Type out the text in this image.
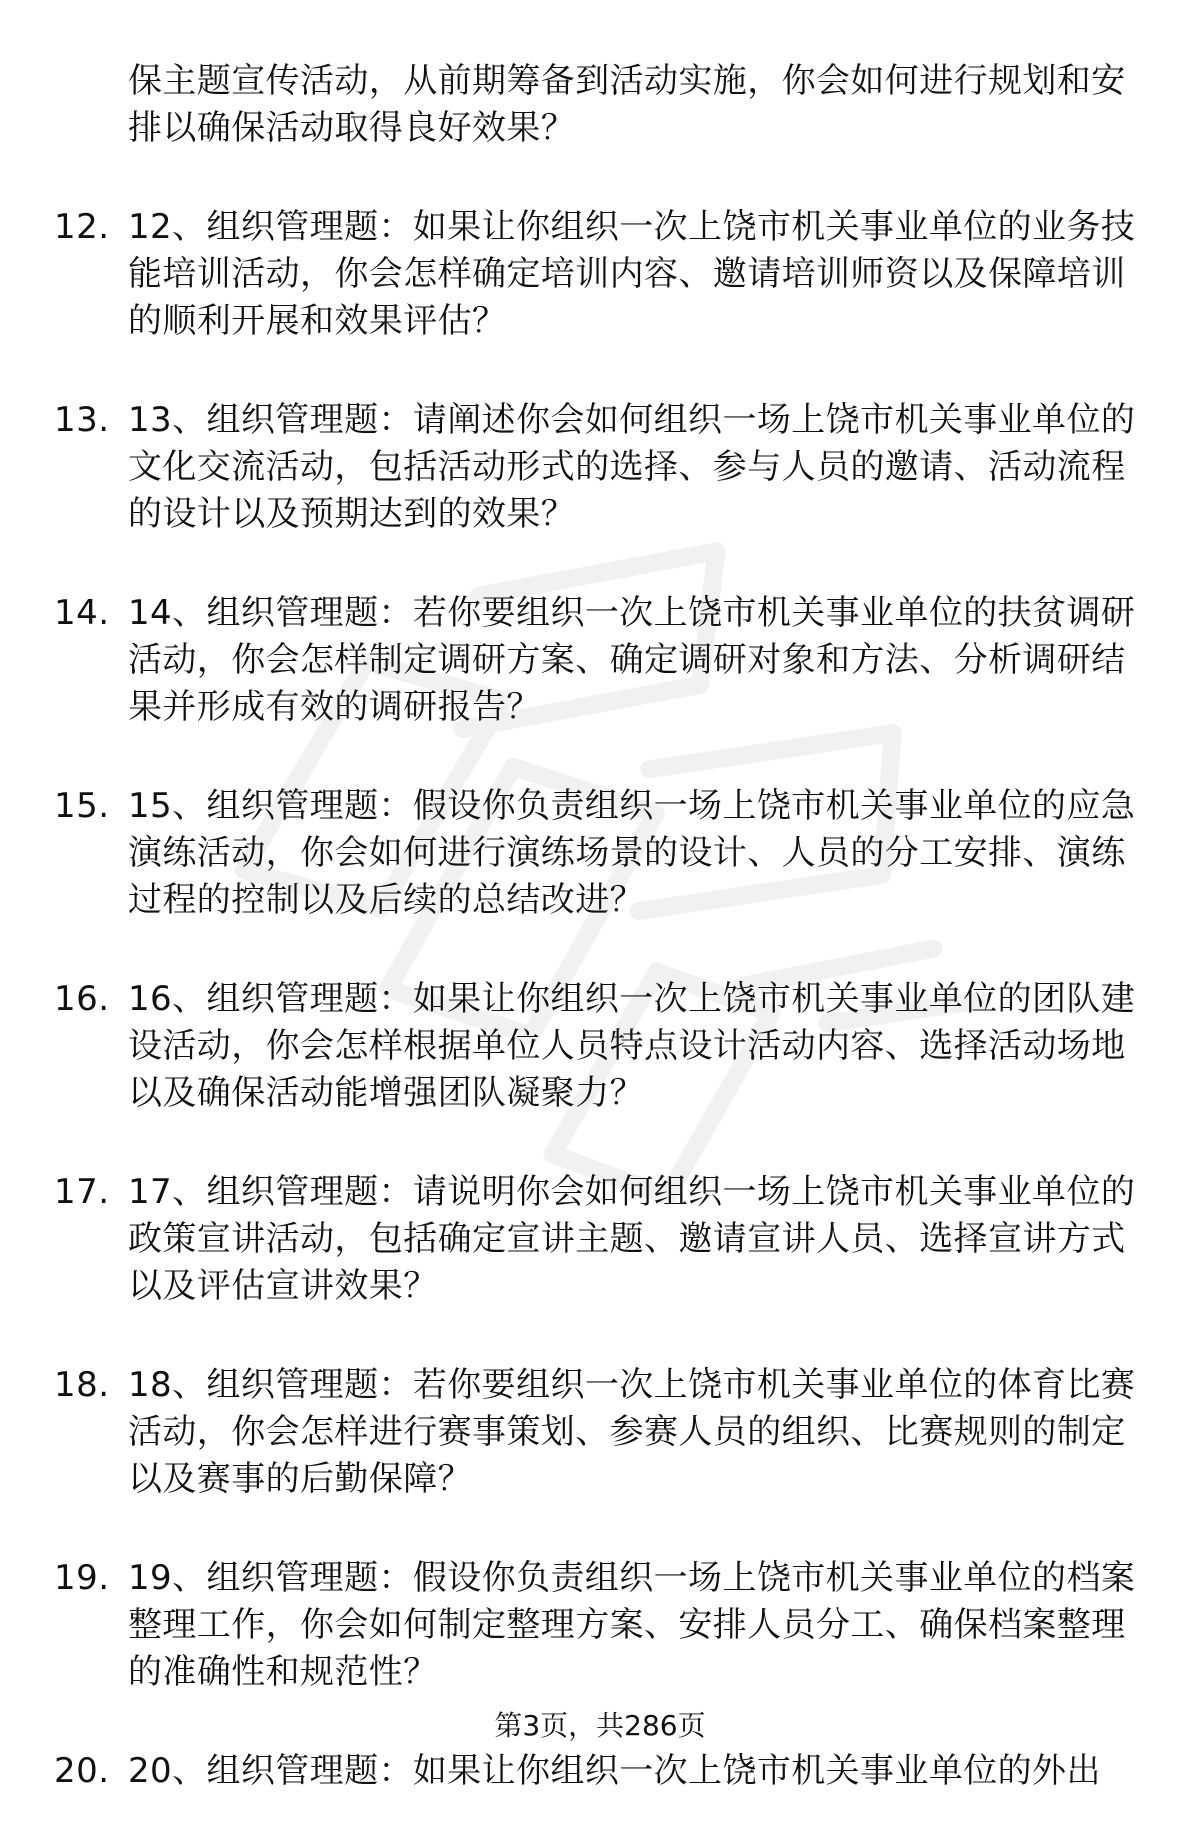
保主题宣传活动，从前期筹备到活动实施，你会如何进行规划和安排以确保活动取得良好效果？
12. 12、组织管理题：如果让你组织一次上饶市机关事业单位的业务技能培训活动，你会怎样确定培训内容、邀请培训师资以及保障培训的顺利开展和效果评估？
13. 13、组织管理题：请阐述你会如何组织一场上饶市机关事业单位的文化交流活动，包括活动形式的选择、参与人员的邀请、活动流程的设计以及预期达到的效果？
14. 14、组织管理题：若你要组织一次上饶市机关事业单位的扶贫调研活动，你会怎样制定调研方案、确定调研对象和方法、分析调研结果并形成有效的调研报告？
15. 15、组织管理题：假设你负责组织一场上饶市机关事业单位的应急演练活动，你会如何进行演练场景的设计、人员的分工安排、演练过程的控制以及后续的总结改进？
16. 16、组织管理题：如果让你组织一次上饶市机关事业单位的团队建设活动，你会怎样根据单位人员特点设计活动内容、选择活动场地以及确保活动能增强团队凝聚力？
17. 17、组织管理题：请说明你会如何组织一场上饶市机关事业单位的政策宣讲活动，包括确定宣讲主题、邀请宣讲人员、选择宣讲方式以及评估宣讲效果？
18. 18、组织管理题：若你要组织一次上饶市机关事业单位的体育比赛活动，你会怎样进行赛事策划、参赛人员的组织、比赛规则的制定以及赛事的后勤保障？
19. 19、组织管理题：假设你负责组织一场上饶市机关事业单位的档案整理工作，你会如何制定整理方案、安排人员分工、确保档案整理的准确性和规范性？
20. 20、组织管理题：如果让你组织一次上饶市机关事业单位的外出
第3页，共286页
